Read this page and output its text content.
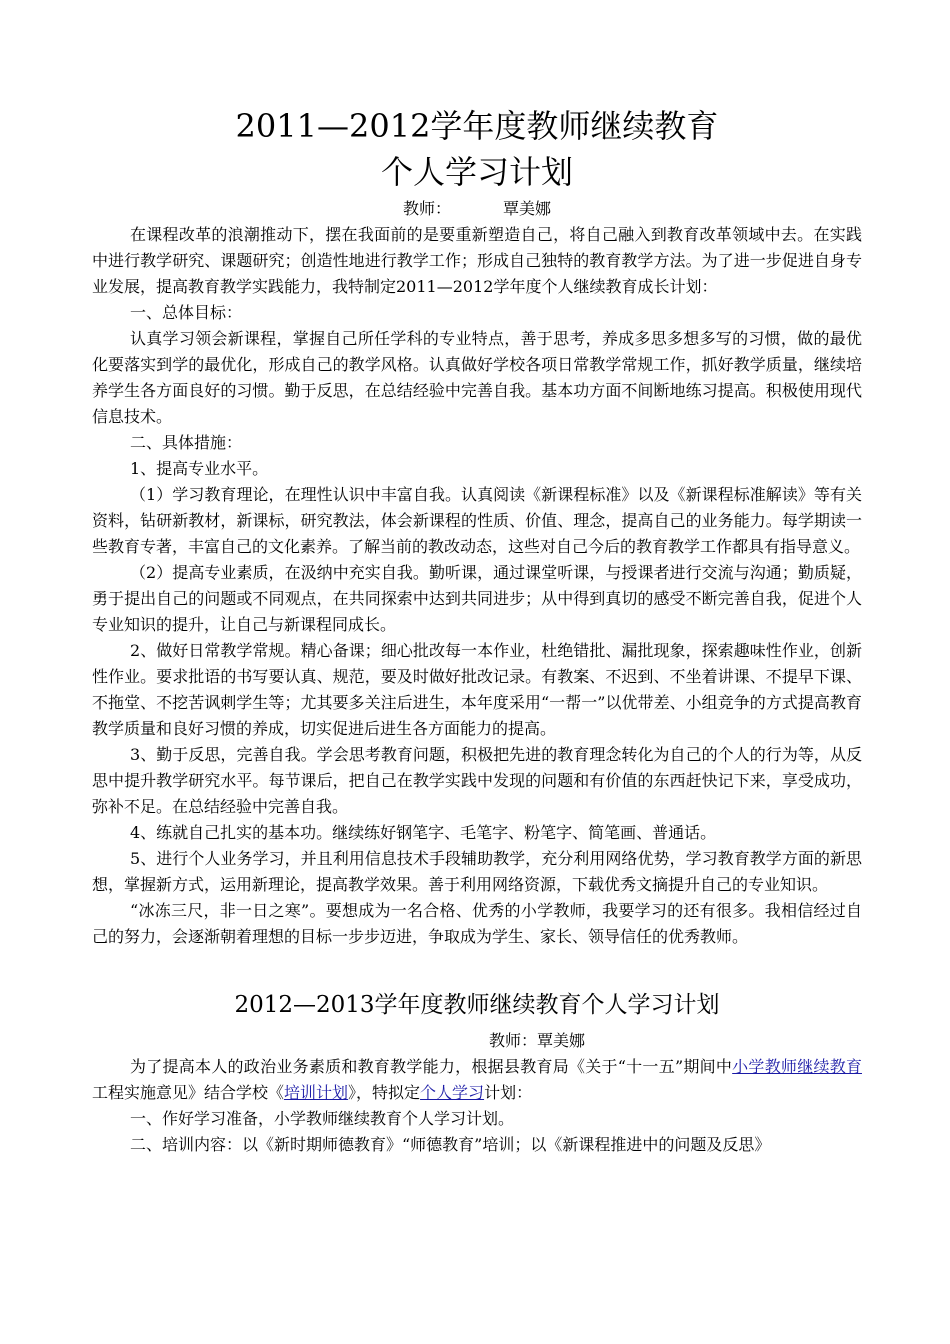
2011—2012学年度教师继续教育
个人学习计划

教师：	覃美娜

在课程改革的浪潮推动下，摆在我面前的是要重新塑造自己，将自己融入到教育改革领域中去。在实践中进行教学研究、课题研究；创造性地进行教学工作；形成自己独特的教育教学方法。为了进一步促进自身专业发展，提高教育教学实践能力，我特制定2011—2012学年度个人继续教育成长计划：

一、总体目标：

认真学习领会新课程，掌握自己所任学科的专业特点，善于思考，养成多思多想多写的习惯，做的最优化要落实到学的最优化，形成自己的教学风格。认真做好学校各项日常教学常规工作，抓好教学质量，继续培养学生各方面良好的习惯。勤于反思，在总结经验中完善自我。基本功方面不间断地练习提高。积极使用现代信息技术。

二、具体措施：

1、提高专业水平。

（1）学习教育理论，在理性认识中丰富自我。认真阅读《新课程标准》以及《新课程标准解读》等有关资料，钻研新教材，新课标，研究教法，体会新课程的性质、价值、理念，提高自己的业务能力。每学期读一些教育专著，丰富自己的文化素养。了解当前的教改动态，这些对自己今后的教育教学工作都具有指导意义。

（2）提高专业素质，在汲纳中充实自我。勤听课，通过课堂听课，与授课者进行交流与沟通；勤质疑，勇于提出自己的问题或不同观点，在共同探索中达到共同进步；从中得到真切的感受不断完善自我，促进个人专业知识的提升，让自己与新课程同成长。

2、做好日常教学常规。精心备课；细心批改每一本作业，杜绝错批、漏批现象，探索趣味性作业，创新性作业。要求批语的书写要认真、规范，要及时做好批改记录。有教案、不迟到、不坐着讲课、不提早下课、不拖堂、不挖苦讽刺学生等；尤其要多关注后进生，本年度采用“一帮一”以优带差、小组竞争的方式提高教育教学质量和良好习惯的养成，切实促进后进生各方面能力的提高。

3、勤于反思，完善自我。学会思考教育问题，积极把先进的教育理念转化为自己的个人的行为等，从反思中提升教学研究水平。每节课后，把自己在教学实践中发现的问题和有价值的东西赶快记下来，享受成功，弥补不足。在总结经验中完善自我。

4、练就自己扎实的基本功。继续练好钢笔字、毛笔字、粉笔字、简笔画、普通话。

5、进行个人业务学习，并且利用信息技术手段辅助教学，充分利用网络优势，学习教育教学方面的新思想，掌握新方式，运用新理论，提高教学效果。善于利用网络资源，下载优秀文摘提升自己的专业知识。

“冰冻三尺，非一日之寒”。要想成为一名合格、优秀的小学教师，我要学习的还有很多。我相信经过自己的努力，会逐渐朝着理想的目标一步步迈进，争取成为学生、家长、领导信任的优秀教师。

2012—2013学年度教师继续教育个人学习计划

教师：覃美娜

为了提高本人的政治业务素质和教育教学能力，根据县教育局《关于“十一五”期间中小学教师继续教育工程实施意见》结合学校《培训计划》，特拟定个人学习计划：

一、作好学习准备，小学教师继续教育个人学习计划。

二、培训内容：以《新时期师德教育》“师德教育”培训；以《新课程推进中的问题及反思》
